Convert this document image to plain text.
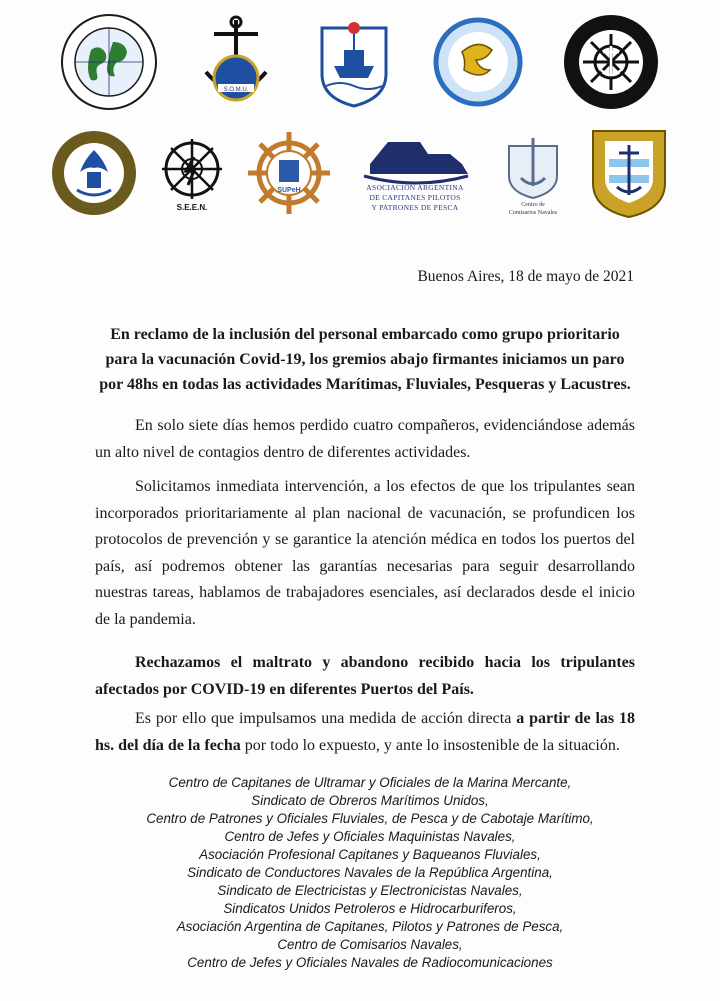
S.O.M.U.
S.E.E.N.
SUPeH	ASOCIACIÓN ARGENTINA
DE CAPITANES PILOTOS
Y PATRONES DE PESCA	Centro de
Comisarios Navales
Buenos Aires, 18 de mayo de 2021
En reclamo de la inclusión del personal embarcado como grupo prioritario para la vacunación Covid-19, los gremios abajo firmantes iniciamos un paro por 48hs en todas las actividades Marítimas, Fluviales, Pesqueras y Lacustres.

En solo siete días hemos perdido cuatro compañeros, evidenciándose además un alto nivel de contagios dentro de diferentes actividades.

Solicitamos inmediata intervención, a los efectos de que los tripulantes sean incorporados prioritariamente al plan nacional de vacunación, se profundicen los protocolos de prevención y se garantice la atención médica en todos los puertos del país, así podremos obtener las garantías necesarias para seguir desarrollando nuestras tareas, hablamos de trabajadores esenciales, así declarados desde el inicio de la pandemia.

Rechazamos el maltrato y abandono recibido hacia los tripulantes afectados por COVID-19 en diferentes Puertos del País.

Es por ello que impulsamos una medida de acción directa a partir de las 18 hs. del día de la fecha por todo lo expuesto, y ante lo insostenible de la situación.

Centro de Capitanes de Ultramar y Oficiales de la Marina Mercante,
Sindicato de Obreros Marítimos Unidos,
Centro de Patrones y Oficiales Fluviales, de Pesca y de Cabotaje Marítimo,
Centro de Jefes y Oficiales Maquinistas Navales,
Asociación Profesional Capitanes y Baqueanos Fluviales,
Sindicato de Conductores Navales de la República Argentina,
Sindicato de Electricistas y Electronicistas Navales,
Sindicatos Unidos Petroleros e Hidrocarburiferos,
Asociación Argentina de Capitanes, Pilotos y Patrones de Pesca,
Centro de Comisarios Navales,
Centro de Jefes y Oficiales Navales de Radiocomunicaciones
